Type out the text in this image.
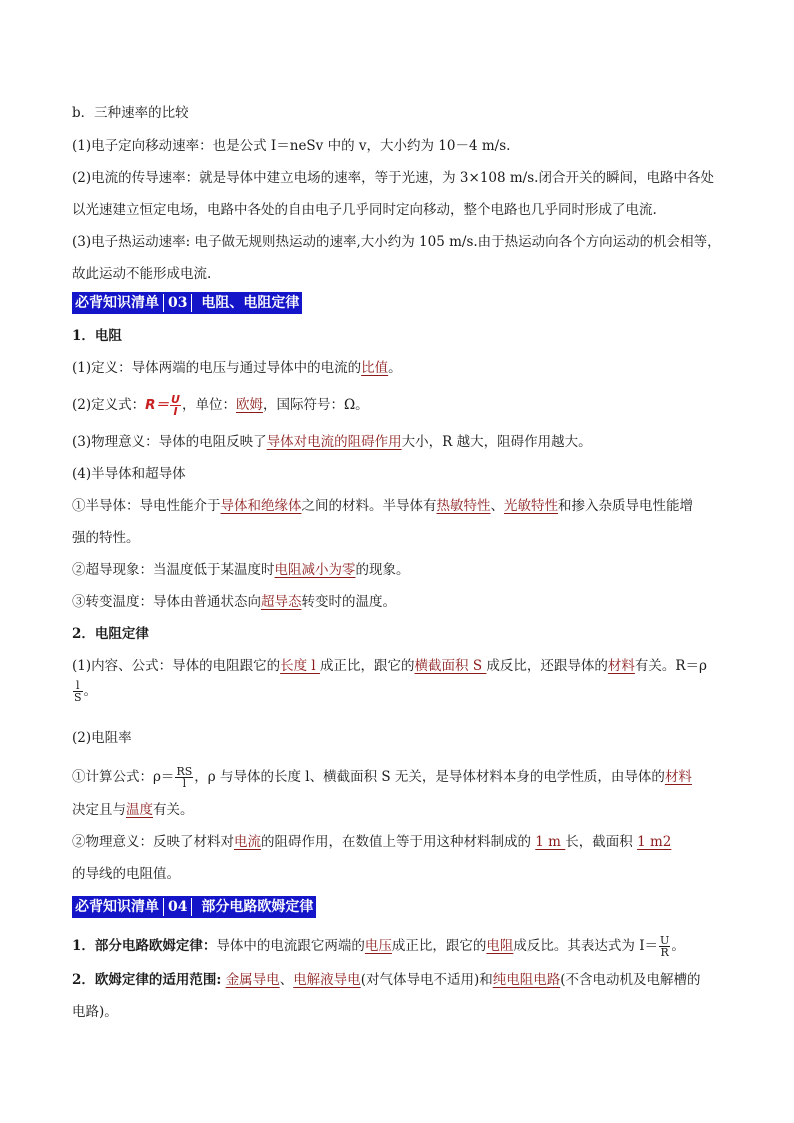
b．三种速率的比较
(1)电子定向移动速率：也是公式 I＝neSv 中的 v，大小约为 10－4 m/s.
(2)电流的传导速率：就是导体中建立电场的速率，等于光速，为 3×108 m/s.闭合开关的瞬间，电路中各处
以光速建立恒定电场，电路中各处的自由电子几乎同时定向移动，整个电路也几乎同时形成了电流.
(3)电子热运动速率: 电子做无规则热运动的速率,大小约为 105 m/s.由于热运动向各个方向运动的机会相等，
故此运动不能形成电流.
必背知识清单 03 电阻、电阻定律
1．电阻
(1)定义：导体两端的电压与通过导体中的电流的比值。
(2)定义式：$R= \frac{U}{I}$ ，单位：欧姆，国际符号：Ω。
(3)物理意义：导体的电阻反映了导体对电流的阻碍作用大小，R 越大，阻碍作用越大。
(4)半导体和超导体
①半导体：导电性能介于导体和绝缘体之间的材料。半导体有热敏特性、光敏特性和掺入杂质导电性能增
强的特性。
②超导现象：当温度低于某温度时电阻减小为零的现象。
③转变温度：导体由普通状态向超导态转变时的温度。
2．电阻定律
(1)内容、公式：导体的电阻跟它的长度 l 成正比，跟它的横截面积 S 成反比，还跟导体的材料有关。R＝ρ
$\frac{l}{S}$ 。
(2)电阻率
①计算公式：$\rho= \frac{RS}{l}$ ，ρ 与导体的长度 l、横截面积 S 无关，是导体材料本身的电学性质，由导体的材料
决定且与温度有关。
②物理意义：反映了材料对电流的阻碍作用，在数值上等于用这种材料制成的 1 m 长，截面积 1 m2
的导线的电阻值。
必背知识清单 04 部分电路欧姆定律
1．部分电路欧姆定律：导体中的电流跟它两端的电压成正比，跟它的电阻成反比。其表达式为 $I= \frac{U}{R}$ 。
2．欧姆定律的适用范围: 金属导电、电解液导电(对气体导电不适用)和纯电阻电路(不含电动机及电解槽的
电路)。
